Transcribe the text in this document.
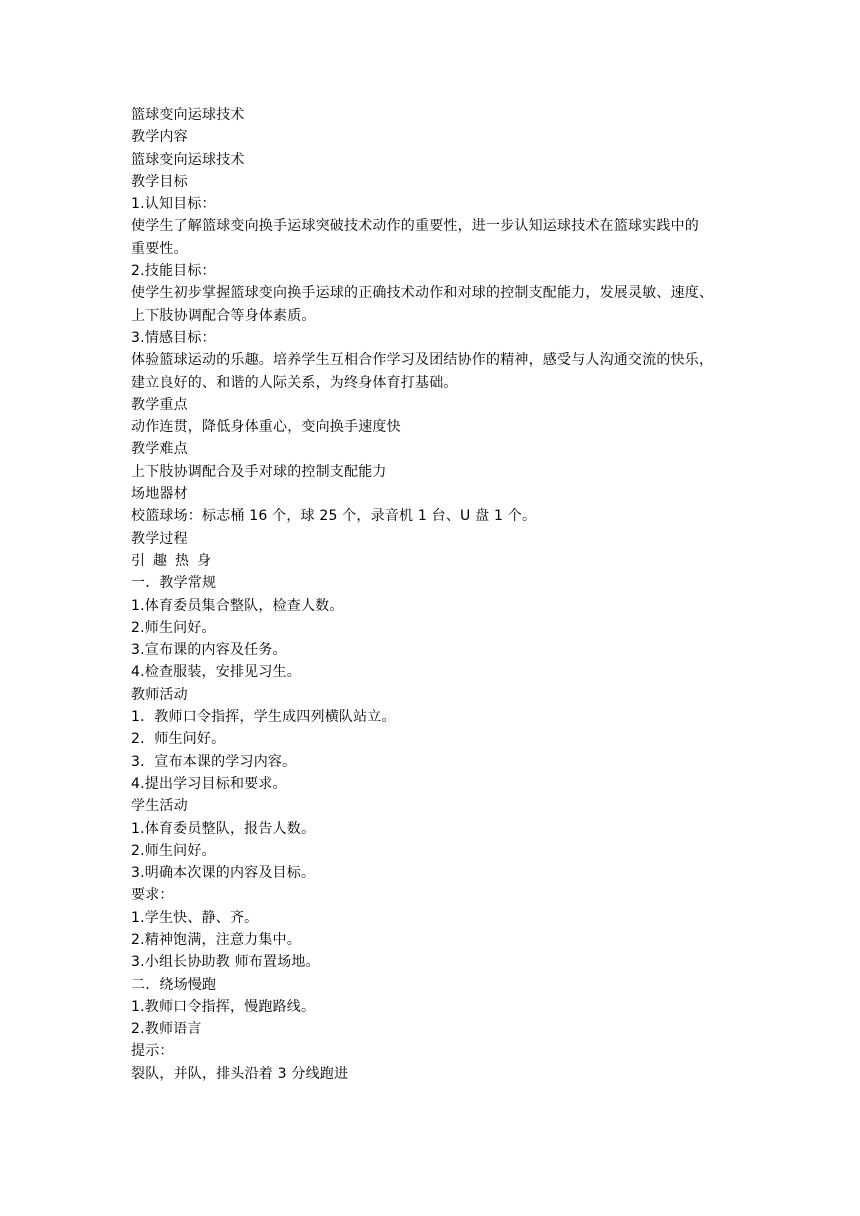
篮球变向运球技术
教学内容
篮球变向运球技术
教学目标
1.认知目标：
使学生了解篮球变向换手运球突破技术动作的重要性，进一步认知运球技术在篮球实践中的
重要性。
2.技能目标：
使学生初步掌握篮球变向换手运球的正确技术动作和对球的控制支配能力，发展灵敏、速度、
上下肢协调配合等身体素质。
3.情感目标：
体验篮球运动的乐趣。培养学生互相合作学习及团结协作的精神，感受与人沟通交流的快乐，
建立良好的、和谐的人际关系，为终身体育打基础。
教学重点
动作连贯，降低身体重心，变向换手速度快
教学难点
上下肢协调配合及手对球的控制支配能力
场地器材
校篮球场：标志桶 16 个，球 25 个，录音机 1 台、U 盘 1 个。
教学过程
引趣热身
一．教学常规
1.体育委员集合整队，检查人数。
2.师生问好。
3.宣布课的内容及任务。
4.检查服装，安排见习生。
教师活动
1．教师口令指挥，学生成四列横队站立。
2．师生问好。
3．宣布本课的学习内容。
4.提出学习目标和要求。
学生活动
1.体育委员整队，报告人数。
2.师生问好。
3.明确本次课的内容及目标。
要求：
1.学生快、静、齐。
2.精神饱满，注意力集中。
3.小组长协助教 师布置场地。
二．绕场慢跑
1.教师口令指挥，慢跑路线。
2.教师语言
提示：
裂队，并队，排头沿着 3 分线跑进
